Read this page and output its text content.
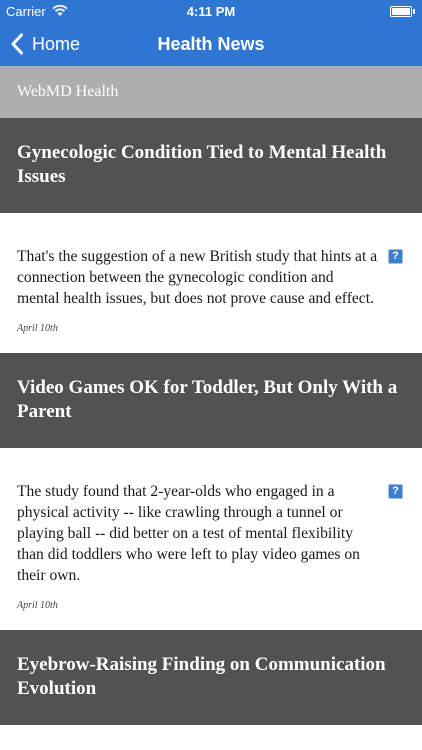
Carrier	4:11 PM
Home	Health News
WebMD Health
Gynecologic Condition Tied to Mental Health Issues
That's the suggestion of a new British study that hints at a connection between the gynecologic condition and mental health issues, but does not prove cause and effect.
?
April 10th
Video Games OK for Toddler, But Only With a Parent
The study found that 2-year-olds who engaged in a physical activity -- like crawling through a tunnel or playing ball -- did better on a test of mental flexibility than did toddlers who were left to play video games on their own.
?
April 10th
Eyebrow-Raising Finding on Communication Evolution
